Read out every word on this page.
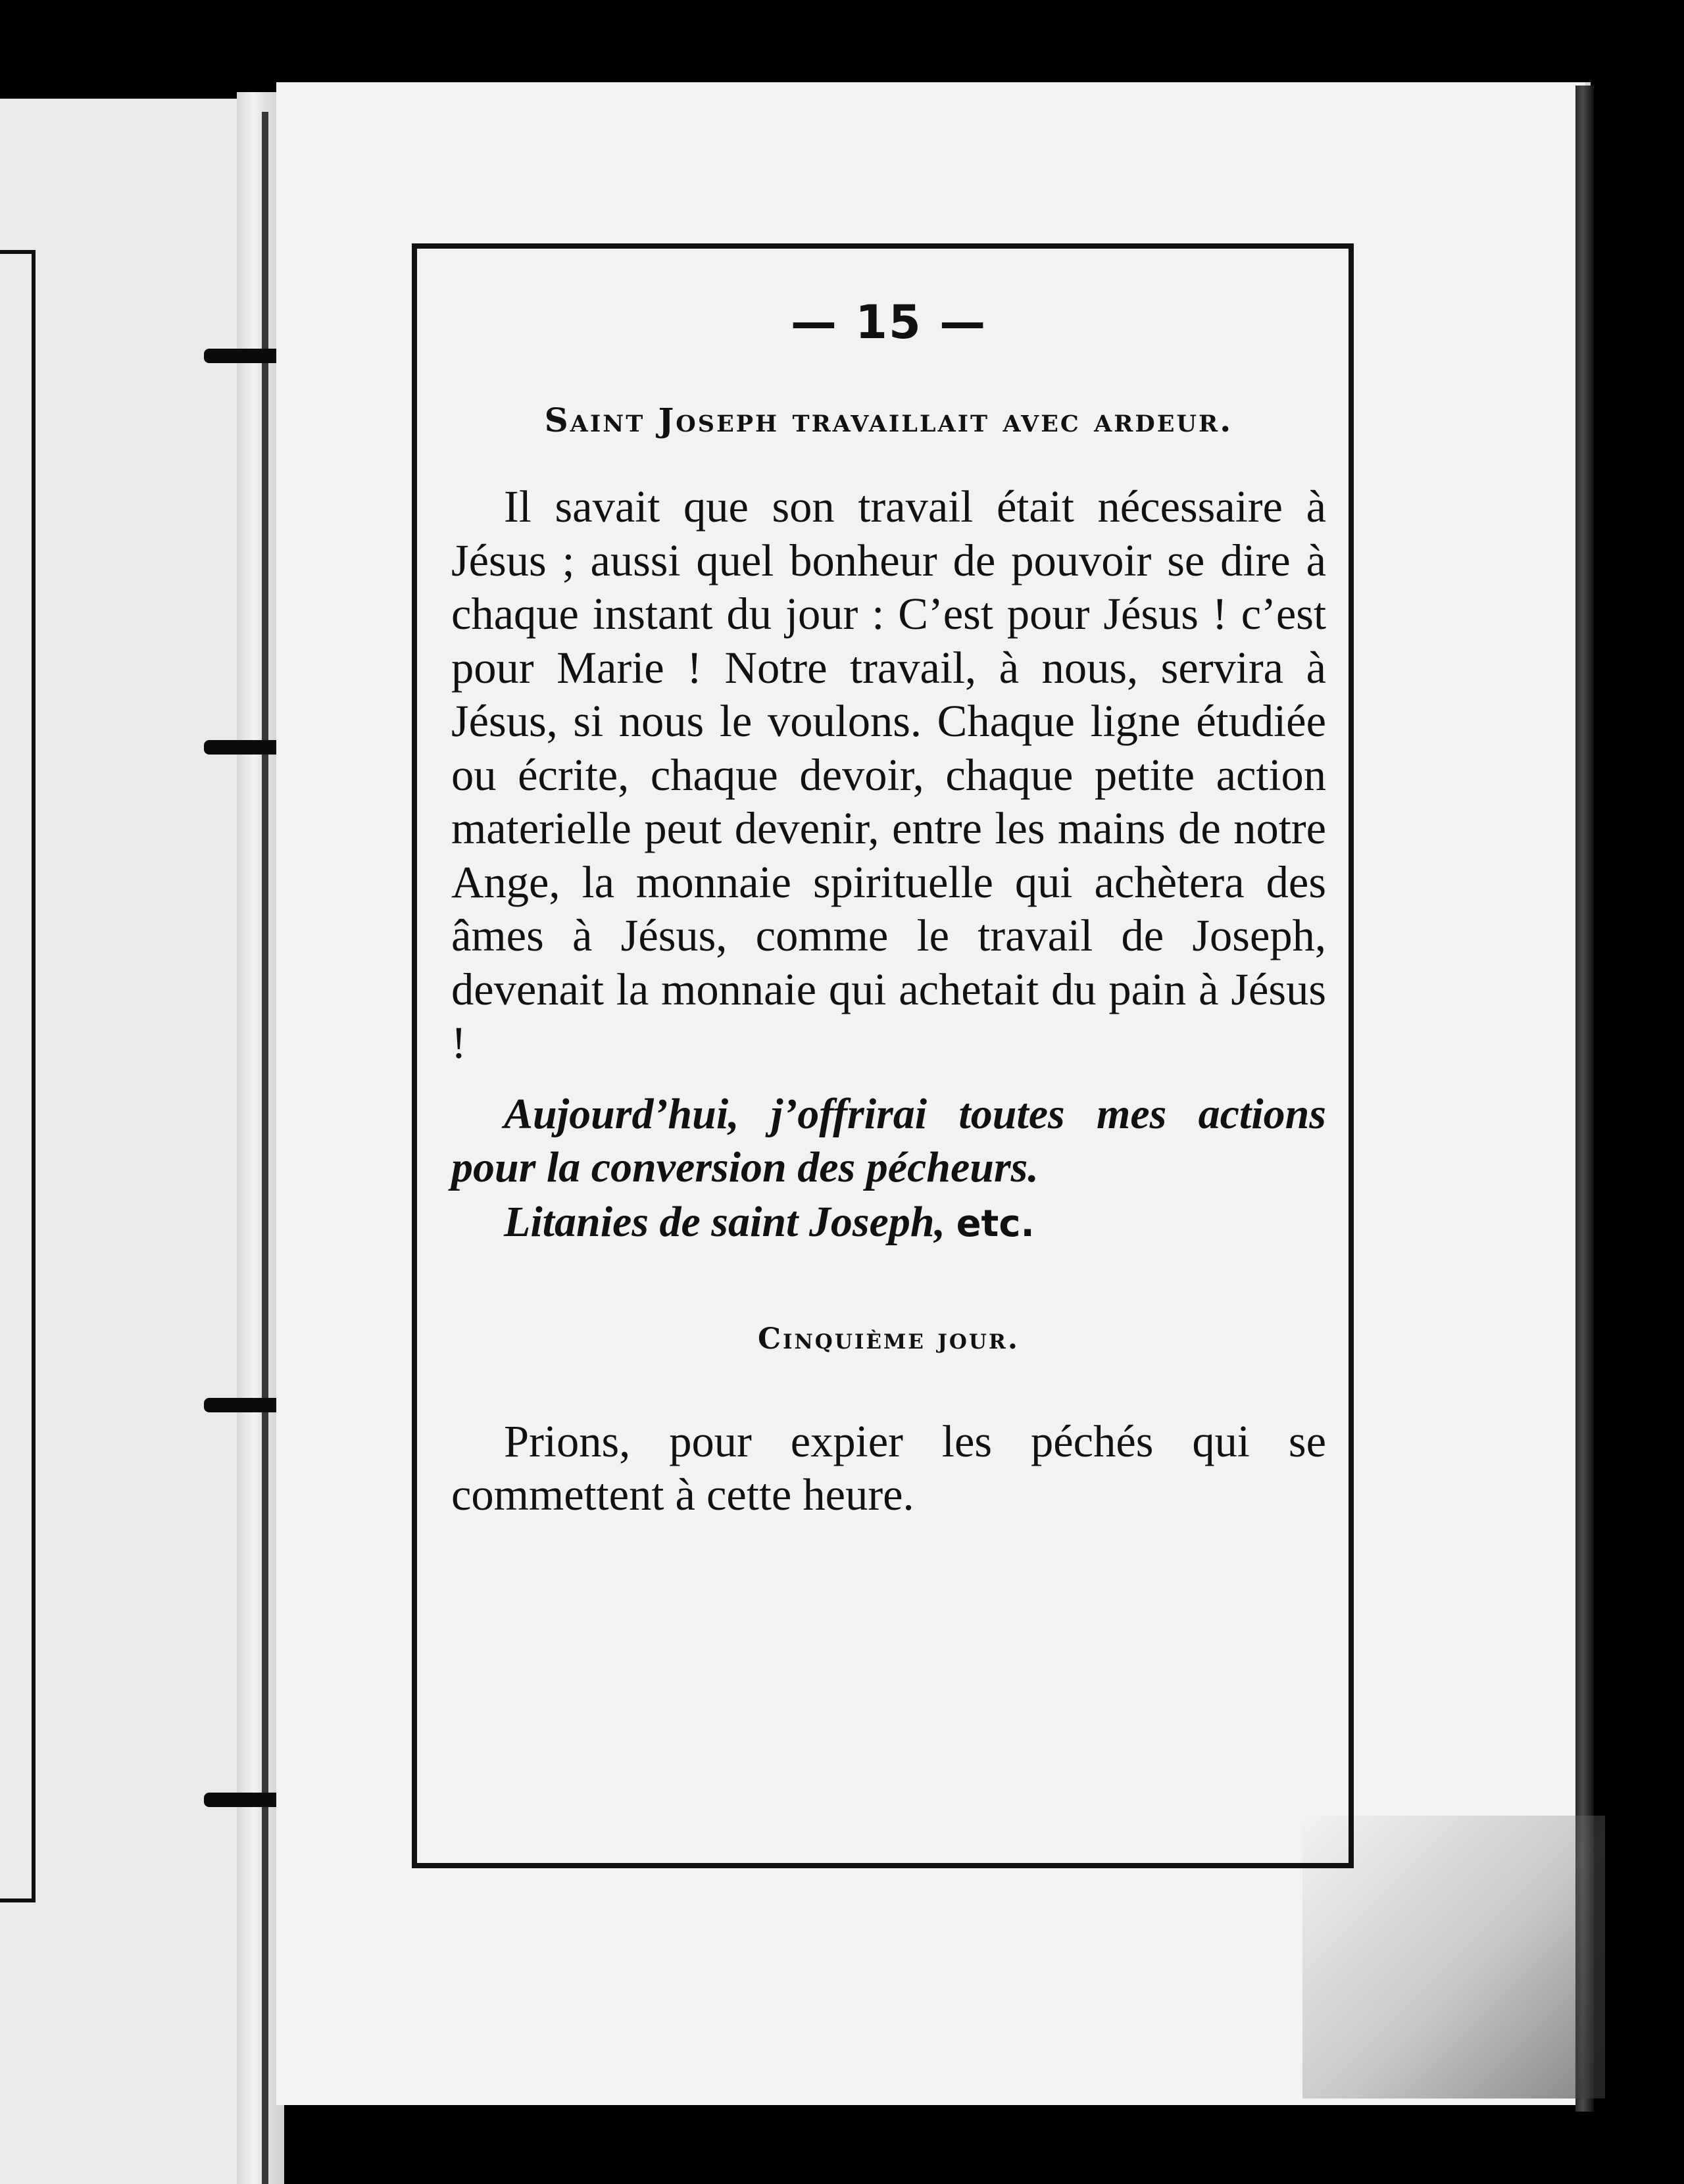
— 15 —
Saint Joseph travaillait avec ardeur.

Il savait que son travail était nécessaire à Jésus ; aussi quel bonheur de pouvoir se dire à chaque instant du jour : C’est pour Jésus ! c’est pour Marie ! Notre travail, à nous, servira à Jésus, si nous le voulons. Chaque ligne étudiée ou écrite, chaque devoir, chaque petite action materielle peut devenir, entre les mains de notre Ange, la monnaie spirituelle qui achètera des âmes à Jésus, comme le travail de Joseph, devenait la monnaie qui achetait du pain à Jésus !

Aujourd’hui, j’offrirai toutes mes actions pour la conversion des pécheurs.

Litanies de saint Joseph, etc.

Cinquième jour.

Prions, pour expier les péchés qui se commettent à cette heure.
